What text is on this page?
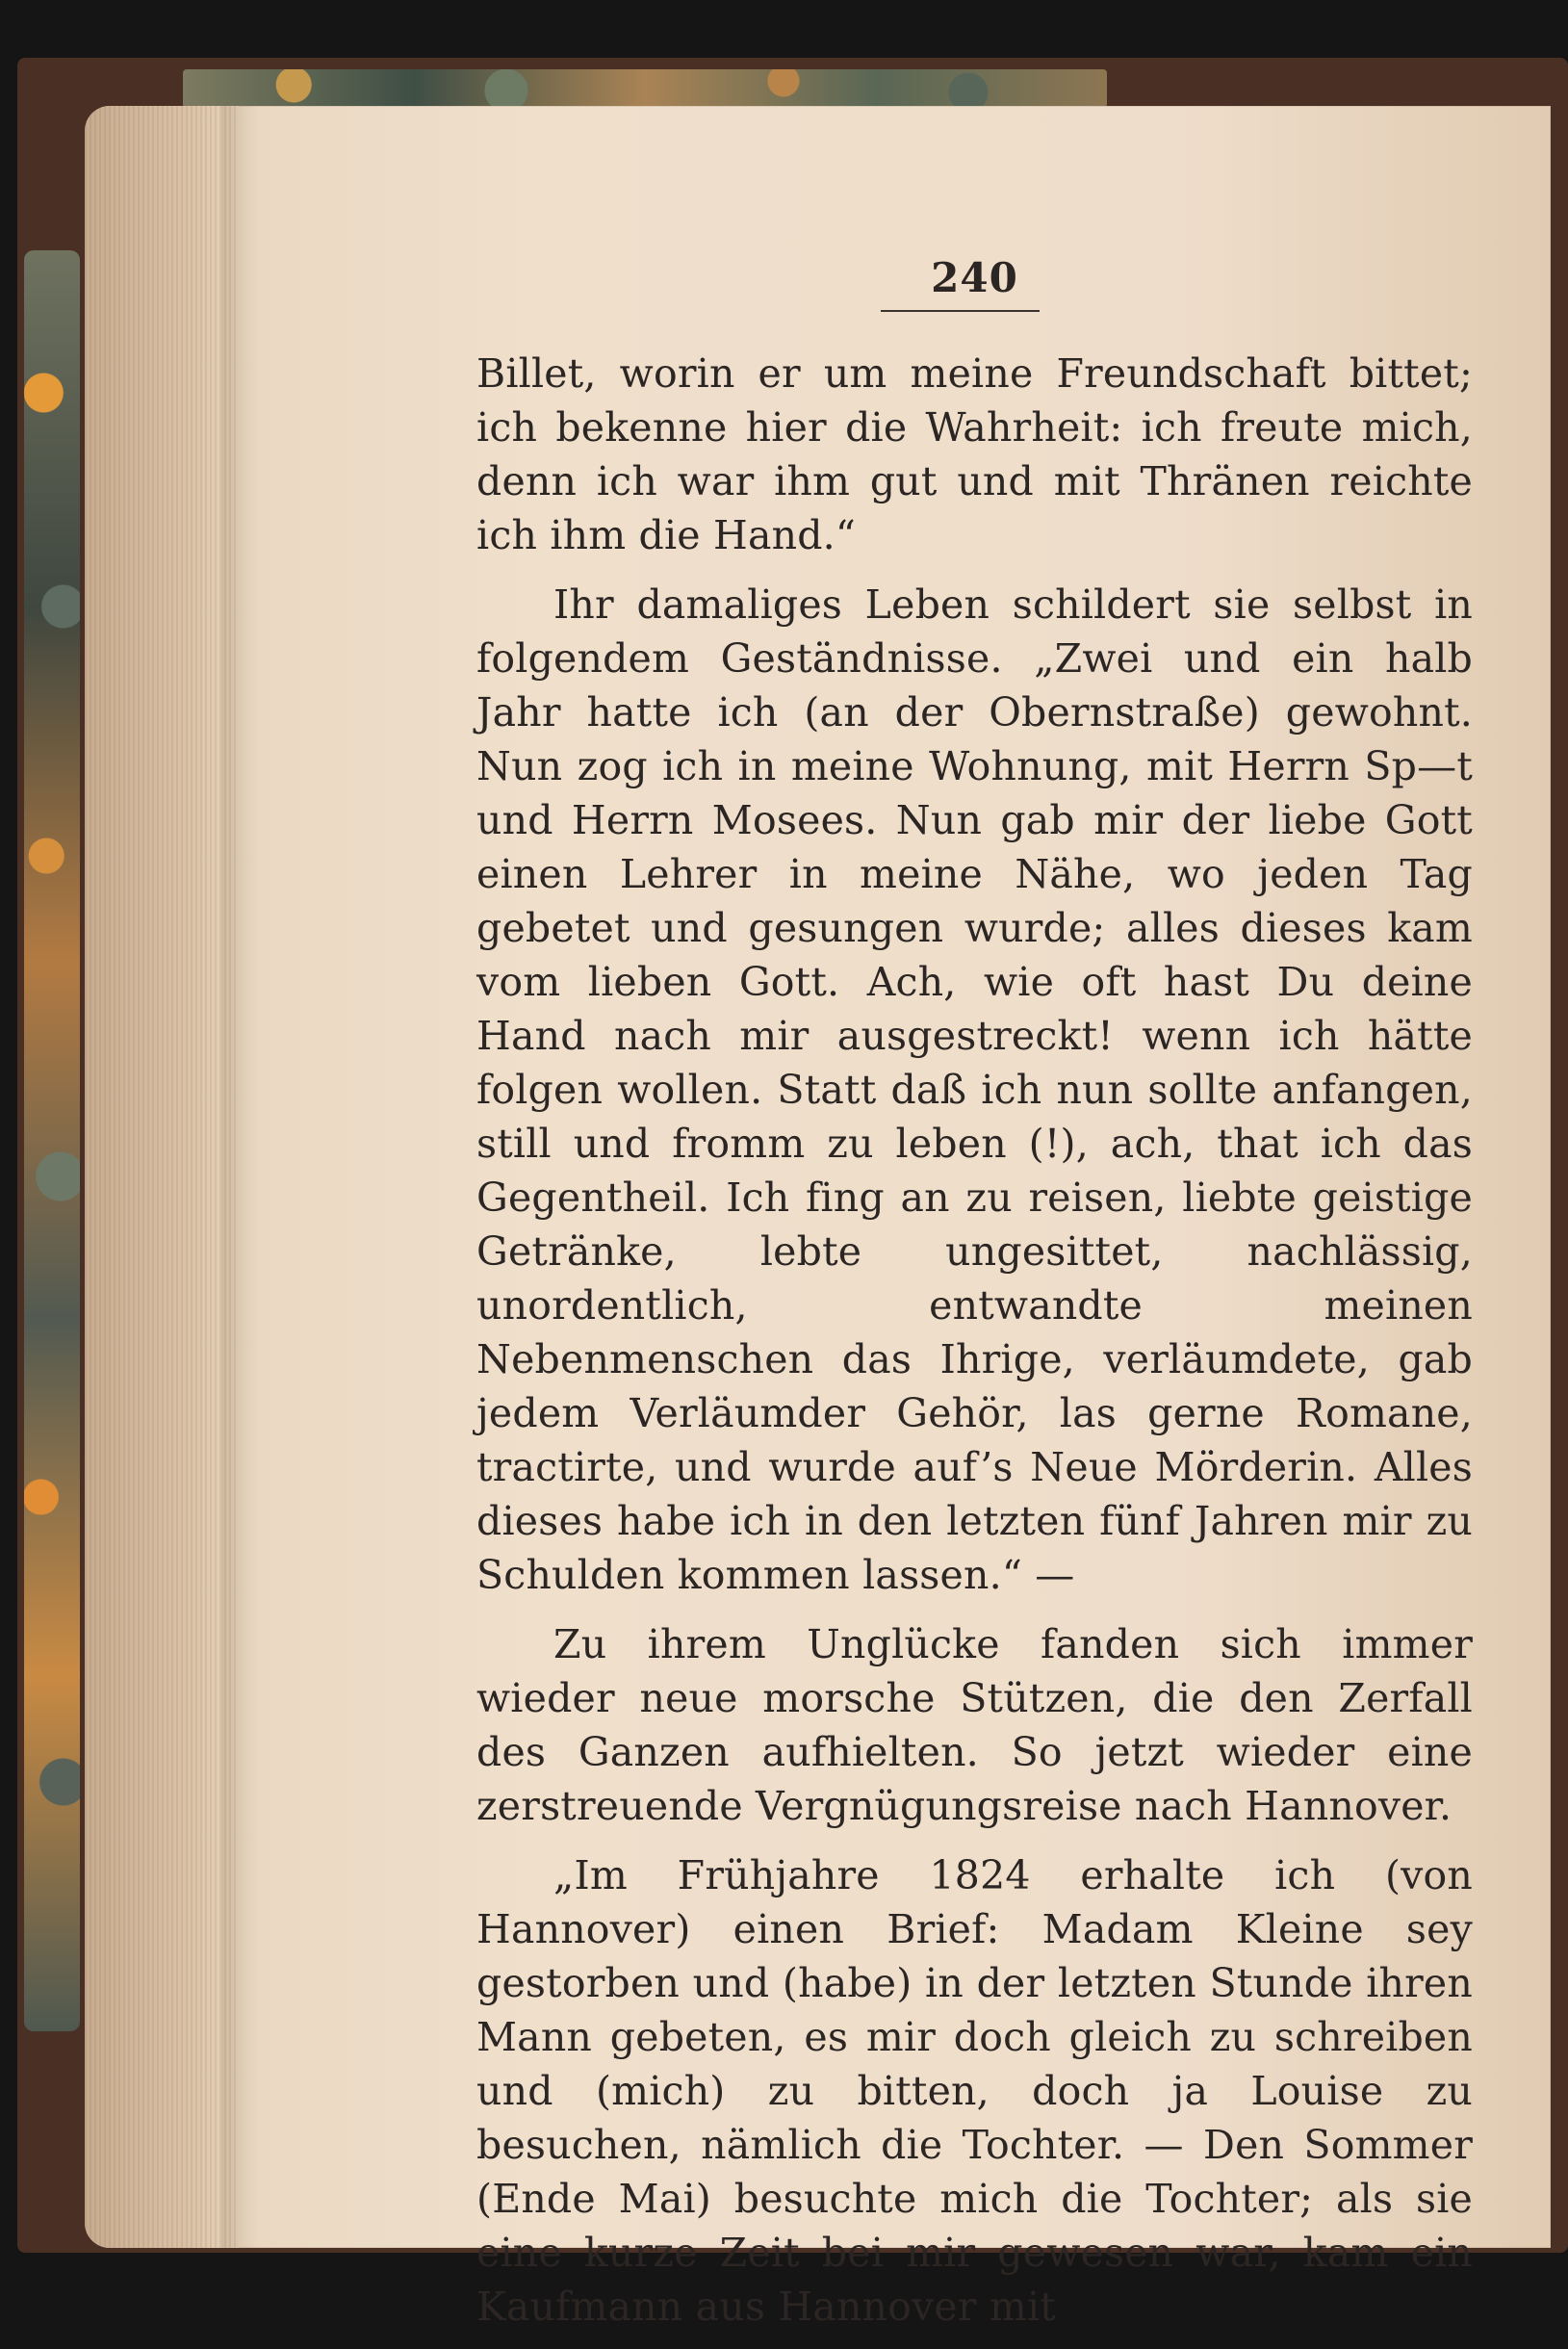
240

Billet, worin er um meine Freundschaft bittet; ich bekenne hier die Wahrheit: ich freute mich, denn ich war ihm gut und mit Thränen reichte ich ihm die Hand.“

Ihr damaliges Leben schildert sie selbst in folgendem Geständnisse. „Zwei und ein halb Jahr hatte ich (an der Obernstraße) gewohnt. Nun zog ich in meine Wohnung, mit Herrn Sp—t und Herrn Mosees. Nun gab mir der liebe Gott einen Lehrer in meine Nähe, wo jeden Tag gebetet und gesungen wurde; alles dieses kam vom lieben Gott. Ach, wie oft hast Du deine Hand nach mir ausgestreckt! wenn ich hätte folgen wollen. Statt daß ich nun sollte anfangen, still und fromm zu leben (!), ach, that ich das Gegentheil. Ich fing an zu reisen, liebte geistige Getränke, lebte ungesittet, nachlässig, unordentlich, entwandte meinen Nebenmenschen das Ihrige, verläumdete, gab jedem Verläumder Gehör, las gerne Romane, tractirte, und wurde auf’s Neue Mörderin. Alles dieses habe ich in den letzten fünf Jahren mir zu Schulden kommen lassen.“ —

Zu ihrem Unglücke fanden sich immer wieder neue morsche Stützen, die den Zerfall des Ganzen aufhielten. So jetzt wieder eine zerstreuende Vergnügungsreise nach Hannover.

„Im Frühjahre 1824 erhalte ich (von Hannover) einen Brief: Madam Kleine sey gestorben und (habe) in der letzten Stunde ihren Mann gebeten, es mir doch gleich zu schreiben und (mich) zu bitten, doch ja Louise zu besuchen, nämlich die Tochter. — Den Sommer (Ende Mai) besuchte mich die Tochter; als sie eine kurze Zeit bei mir gewesen war, kam ein Kaufmann aus Hannover mit
